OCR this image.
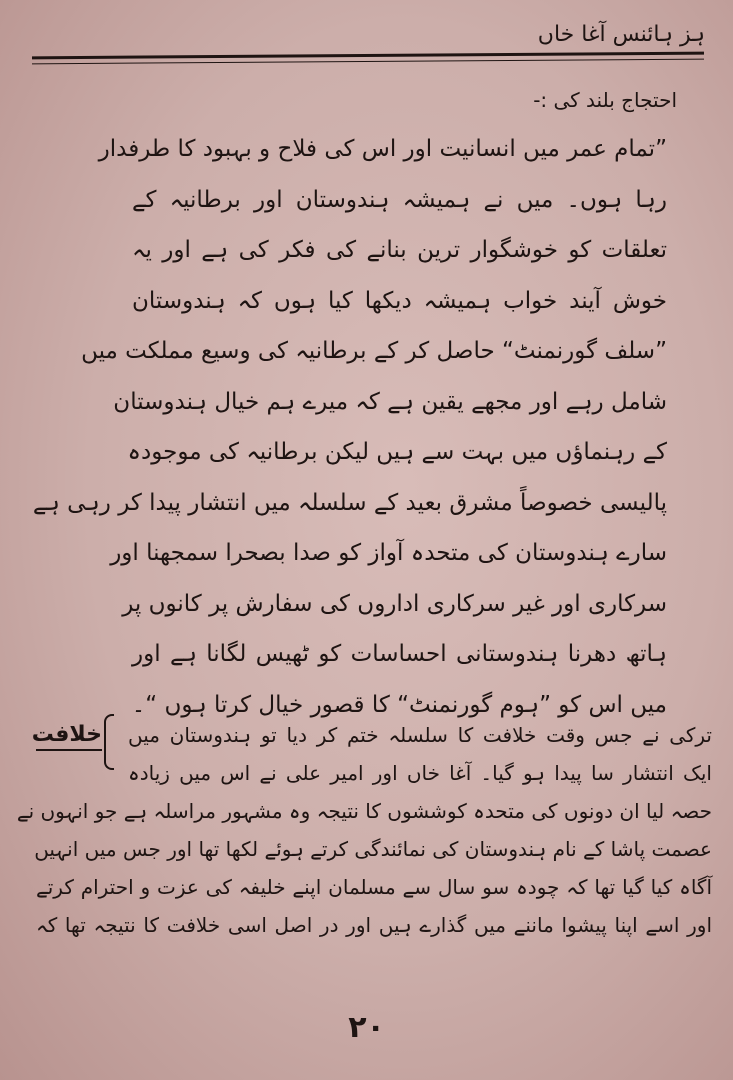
ہز ہائنس آغا خاں
احتجاج بلند کی :-
”تمام عمر میں انسانیت اور اس کی فلاح و بہبود کا طرفدار
رہا ہوں۔ میں نے ہمیشہ ہندوستان اور برطانیہ کے
تعلقات کو خوشگوار ترین بنانے کی فکر کی ہے اور یہ
خوش آیند خواب ہمیشہ دیکھا کیا ہوں کہ ہندوستان
”سلف گورنمنٹ“ حاصل کر کے برطانیہ کی وسیع مملکت میں
شامل رہے اور مجھے یقین ہے کہ میرے ہم خیال ہندوستان
کے رہنماؤں میں بہت سے ہیں لیکن برطانیہ کی موجودہ
پالیسی خصوصاً مشرق بعید کے سلسلہ میں انتشار پیدا کر رہی ہے
سارے ہندوستان کی متحدہ آواز کو صدا بصحرا سمجھنا اور
سرکاری اور غیر سرکاری اداروں کی سفارش پر کانوں پر
ہاتھ دھرنا ہندوستانی احساسات کو ٹھیس لگانا ہے اور
میں اس کو ”ہوم گورنمنٹ“ کا قصور خیال کرتا ہوں “۔
خلافت ترکی نے جس وقت خلافت کا سلسلہ ختم کر دیا تو ہندوستان میں
ایک انتشار سا پیدا ہو گیا۔ آغا خاں اور امیر علی نے اس میں زیادہ
حصہ لیا ان دونوں کی متحدہ کوششوں کا نتیجہ وہ مشہور مراسلہ ہے جو انہوں نے
عصمت پاشا کے نام ہندوستان کی نمائندگی کرتے ہوئے لکھا تھا اور جس میں انہیں
آگاہ کیا گیا تھا کہ چودہ سو سال سے مسلمان اپنے خلیفہ کی عزت و احترام کرتے
اور اسے اپنا پیشوا ماننے میں گذارے ہیں اور در اصل اسی خلافت کا نتیجہ تھا کہ
۲۰
